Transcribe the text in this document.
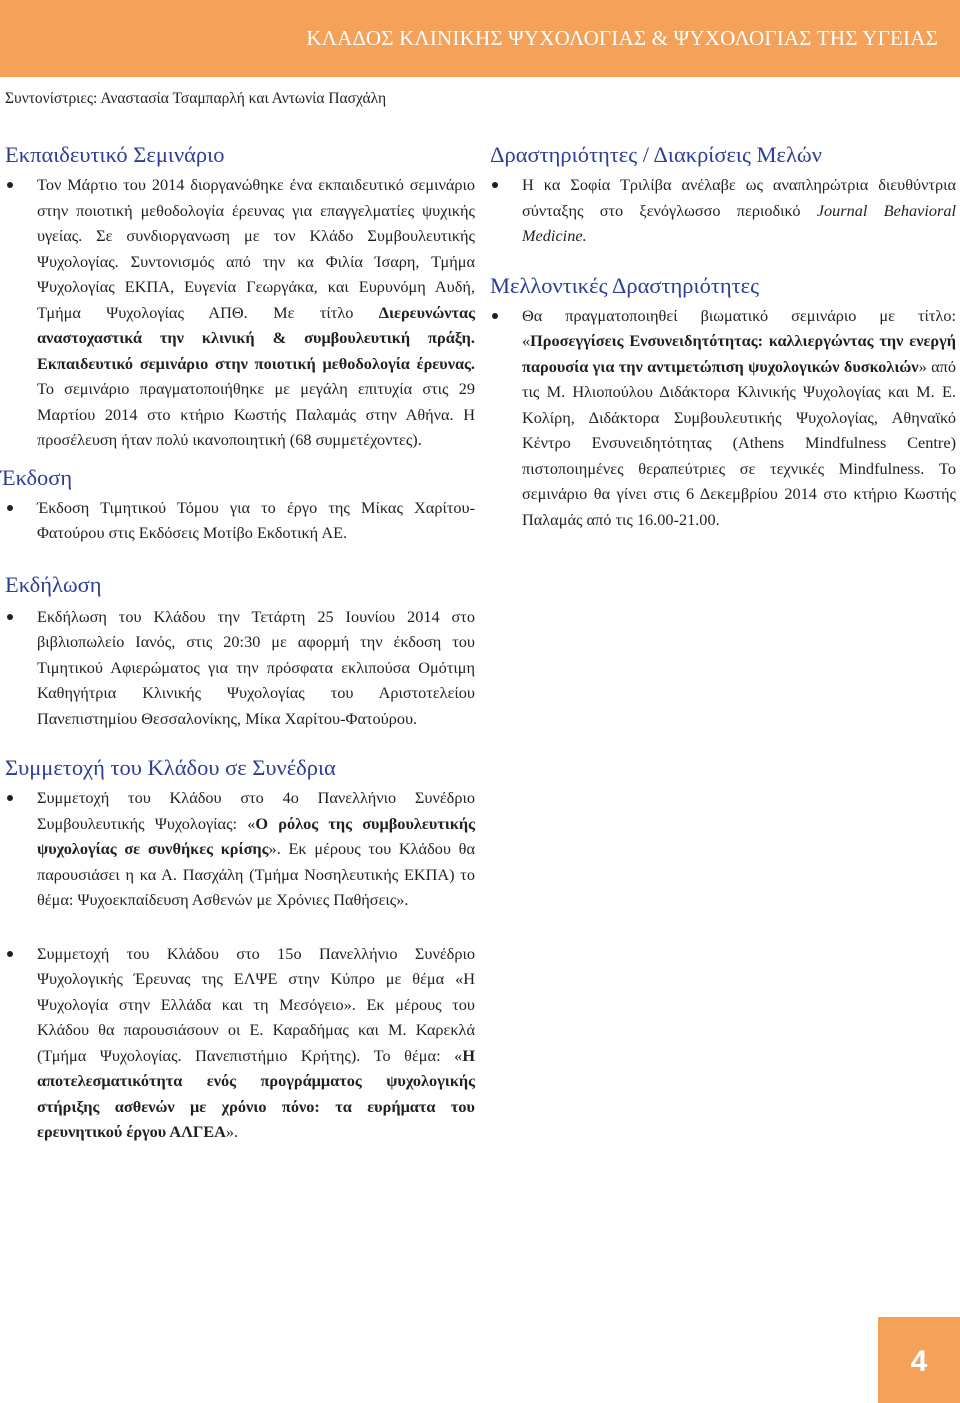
ΚΛΑΔΟΣ ΚΛΙΝΙΚΗΣ ΨΥΧΟΛΟΓΙΑΣ & ΨΥΧΟΛΟΓΙΑΣ ΤΗΣ ΥΓΕΙΑΣ
Συντονίστριες: Αναστασία Τσαμπαρλή και Αντωνία Πασχάλη
Εκπαιδευτικό Σεμινάριο

Τον Μάρτιο του 2014 διοργανώθηκε ένα εκπαιδευτικό σεμινάριο στην ποιοτική μεθοδολογία έρευνας για επαγγελματίες ψυχικής υγείας. Σε συνδιοργανωση με τον Κλάδο Συμβουλευτικής Ψυχολογίας. Συντονισμός από την κα Φιλία Ίσαρη, Τμήμα Ψυχολογίας ΕΚΠΑ, Ευγενία Γεωργάκα, και Ευρυνόμη Αυδή, Τμήμα Ψυχολογίας ΑΠΘ. Με τίτλο Διερευνώντας αναστοχαστικά την κλινική & συμβουλευτική πράξη. Εκπαιδευτικό σεμινάριο στην ποιοτική μεθοδολογία έρευνας. Το σεμινάριο πραγματοποιήθηκε με μεγάλη επιτυχία στις 29 Μαρτίου 2014 στο κτήριο Κωστής Παλαμάς στην Αθήνα. Η προσέλευση ήταν πολύ ικανοποιητική (68 συμμετέχοντες).

Έκδοση

Έκδοση Τιμητικού Τόμου για το έργο της Μίκας Χαρίτου-Φατούρου στις Εκδόσεις Μοτίβο Εκδοτική ΑΕ.

Εκδήλωση

Εκδήλωση του Κλάδου την Τετάρτη 25 Ιουνίου 2014 στο βιβλιοπωλείο Ιανός, στις 20:30 με αφορμή την έκδοση του Τιμητικού Αφιερώματος για την πρόσφατα εκλιπούσα Ομότιμη Καθηγήτρια Κλινικής Ψυχολογίας του Αριστοτελείου Πανεπιστημίου Θεσσαλονίκης, Μίκα Χαρίτου-Φατούρου.

Συμμετοχή του Κλάδου σε Συνέδρια

Συμμετοχή του Κλάδου στο 4ο Πανελλήνιο Συνέδριο Συμβουλευτικής Ψυχολογίας: «Ο ρόλος της συμβουλευτικής ψυχολογίας σε συνθήκες κρίσης». Εκ μέρους του Κλάδου θα παρουσιάσει η κα Α. Πασχάλη (Τμήμα Νοσηλευτικής ΕΚΠΑ) το θέμα: Ψυχοεκπαίδευση Ασθενών με Χρόνιες Παθήσεις».

Συμμετοχή του Κλάδου στο 15ο Πανελλήνιο Συνέδριο Ψυχολογικής Έρευνας της ΕΛΨΕ στην Κύπρο με θέμα «Η Ψυχολογία στην Ελλάδα και τη Μεσόγειο». Εκ μέρους του Κλάδου θα παρουσιάσουν οι Ε. Καραδήμας και Μ. Καρεκλά (Τμήμα Ψυχολογίας. Πανεπιστήμιο Κρήτης). Το θέμα: «Η αποτελεσματικότητα ενός προγράμματος ψυχολογικής στήριξης ασθενών με χρόνιο πόνο: τα ευρήματα του ερευνητικού έργου ΑΛΓΕΑ».

Δραστηριότητες / Διακρίσεις Μελών

Η κα Σοφία Τριλίβα ανέλαβε ως αναπληρώτρια διευθύντρια σύνταξης στο ξενόγλωσσο περιοδικό Journal Behavioral Medicine.

Μελλοντικές Δραστηριότητες

Θα πραγματοποιηθεί βιωματικό σεμινάριο με τίτλο: «Προσεγγίσεις Ενσυνειδητότητας: καλλιεργώντας την ενεργή παρουσία για την αντιμετώπιση ψυχολογικών δυσκολιών» από τις Μ. Ηλιοπούλου Διδάκτορα Κλινικής Ψυχολογίας και Μ. Ε. Κολίρη, Διδάκτορα Συμβουλευτικής Ψυχολογίας, Αθηναϊκό Κέντρο Ενσυνειδητότητας (Athens Mindfulness Centre) πιστοποιημένες θεραπεύτριες σε τεχνικές Mindfulness. Το σεμινάριο θα γίνει στις 6 Δεκεμβρίου 2014 στο κτήριο Κωστής Παλαμάς από τις 16.00-21.00.

4
